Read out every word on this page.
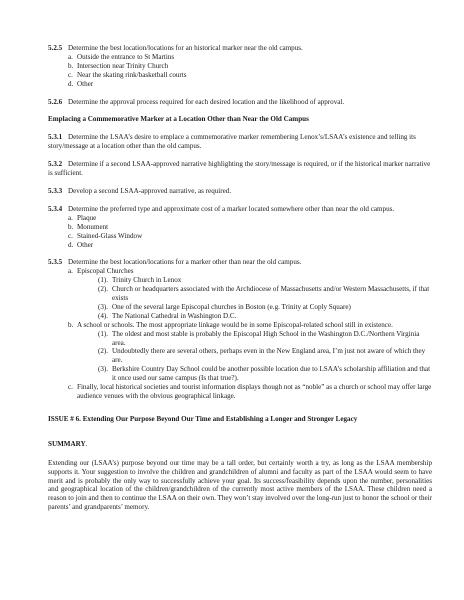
5.2.5 Determine the best location/locations for an historical marker near the old campus.
a. Outside the entrance to St Martins
b. Intersection near Trinity Church
c. Near the skating rink/basketball courts
d. Other
5.2.6 Determine the approval process required for each desired location and the likelihood of approval.
Emplacing a Commemorative Marker at a Location Other than Near the Old Campus
5.3.1 Determine the LSAA’s desire to emplace a commemorative marker remembering Lenox’s/LSAA’s existence and telling its story/message at a location other than the old campus.
5.3.2 Determine if a second LSAA-approved narrative highlighting the story/message is required, or if the historical marker narrative is sufficient.
5.3.3 Develop a second LSAA-approved narrative, as required.
5.3.4 Determine the preferred type and approximate cost of a marker located somewhere other than near the old campus.
a. Plaque
b. Monument
c. Stained-Glass Window
d. Other
5.3.5 Determine the best location/locations for a marker other than near the old campus.
a. Episcopal Churches
(1). Trinity Church in Lenox
(2). Church or headquarters associated with the Archdiocese of Massachusetts and/or Western Massachusetts, if that exists
(3). One of the several large Episcopal churches in Boston (e.g. Trinity at Coply Square)
(4). The National Cathedral in Washington D.C.
b. A school or schools. The most appropriate linkage would be in some Episcopal-related school still in existence.
(1). The oldest and most stable is probably the Episcopal High School in the Washington D.C./Northern Virginia area.
(2). Undoubtedly there are several others, perhaps even in the New England area, I’m just not aware of which they are.
(3). Berkshire Country Day School could be another possible location due to LSAA’s scholarship affiliation and that it once used our same campus (Is that true?).
c. Finally, local historical societies and tourist information displays though not as “noble” as a church or school may offer large audience venues with the obvious geographical linkage.
ISSUE # 6. Extending Our Purpose Beyond Our Time and Establishing a Longer and Stronger Legacy
SUMMARY.
Extending our (LSAA’s) purpose beyond our time may be a tall order, but certainly worth a try, as long as the LSAA membership supports it. Your suggestion to involve the children and grandchildren of alumni and faculty as part of the LSAA would seem to have merit and is probably the only way to successfully achieve your goal. Its success/feasibility depends upon the number, personalities and geographical location of the children/grandchildren of the currently most active members of the LSAA. These children need a reason to join and then to continue the LSAA on their own. They won’t stay involved over the long-run just to honor the school or their parents’ and grandparents’ memory.
